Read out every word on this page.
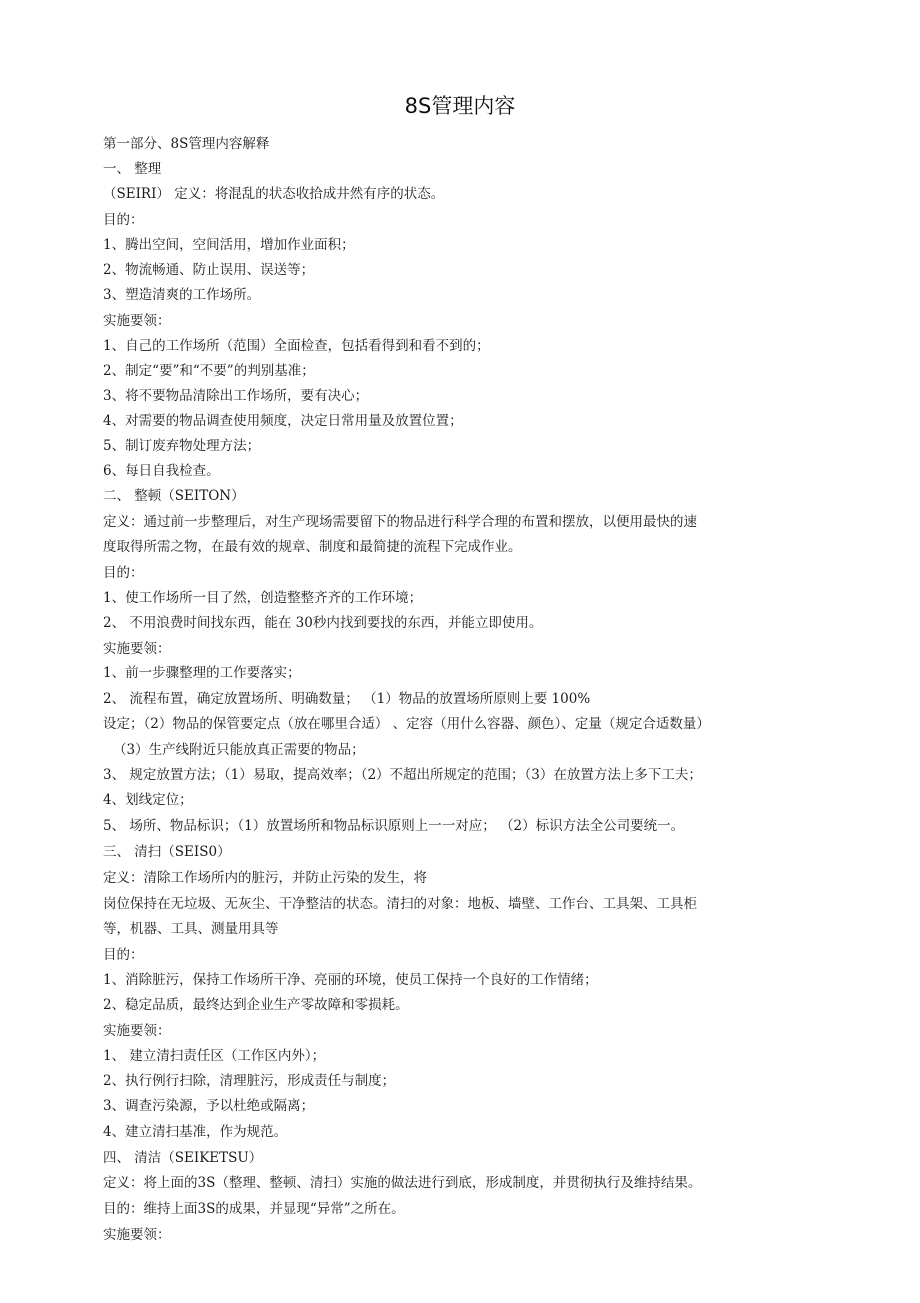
8S管理内容
第一部分、8S管理内容解释
一、 整理
（SEIRI） 定义：将混乱的状态收拾成井然有序的状态。
目的：
1、腾出空间，空间活用，增加作业面积；
2、物流畅通、防止误用、误送等；
3、塑造清爽的工作场所。
实施要领：
1、自己的工作场所（范围）全面检查，包括看得到和看不到的；
2、制定“要”和“不要”的判别基准；
3、将不要物品清除出工作场所，要有决心；
4、对需要的物品调查使用频度，决定日常用量及放置位置；
5、制订废弃物处理方法；
6、每日自我检查。
二、 整顿（SEITON）
定义：通过前一步整理后，对生产现场需要留下的物品进行科学合理的布置和摆放，以便用最快的速
度取得所需之物，在最有效的规章、制度和最简捷的流程下完成作业。
目的：
1、使工作场所一目了然，创造整整齐齐的工作环境；
2、 不用浪费时间找东西，能在 30秒内找到要找的东西，并能立即使用。
实施要领：
1、前一步骤整理的工作要落实；
2、 流程布置，确定放置场所、明确数量； （1）物品的放置场所原则上要 100%
设定；（2）物品的保管要定点（放在哪里合适） 、定容（用什么容器、颜色）、定量（规定合适数量）
（3）生产线附近只能放真正需要的物品；
3、 规定放置方法；（1）易取，提高效率；（2）不超出所规定的范围；（3）在放置方法上多下工夫；
4、划线定位；
5、 场所、物品标识；（1）放置场所和物品标识原则上一一对应； （2）标识方法全公司要统一。
三、 清扫（SEIS0）
定义：清除工作场所内的脏污，并防止污染的发生，将
岗位保持在无垃圾、无灰尘、干净整洁的状态。清扫的对象：地板、墙壁、工作台、工具架、工具柜
等，机器、工具、测量用具等
目的：
1、消除脏污，保持工作场所干净、亮丽的环境，使员工保持一个良好的工作情绪；
2、稳定品质，最终达到企业生产零故障和零损耗。
实施要领：
1、 建立清扫责任区（工作区内外）；
2、执行例行扫除，清理脏污，形成责任与制度；
3、调查污染源，予以杜绝或隔离；
4、建立清扫基准，作为规范。
四、 清洁（SEIKETSU）
定义：将上面的3S（整理、整顿、清扫）实施的做法进行到底，形成制度，并贯彻执行及维持结果。
目的：维持上面3S的成果，并显现“异常”之所在。
实施要领：
